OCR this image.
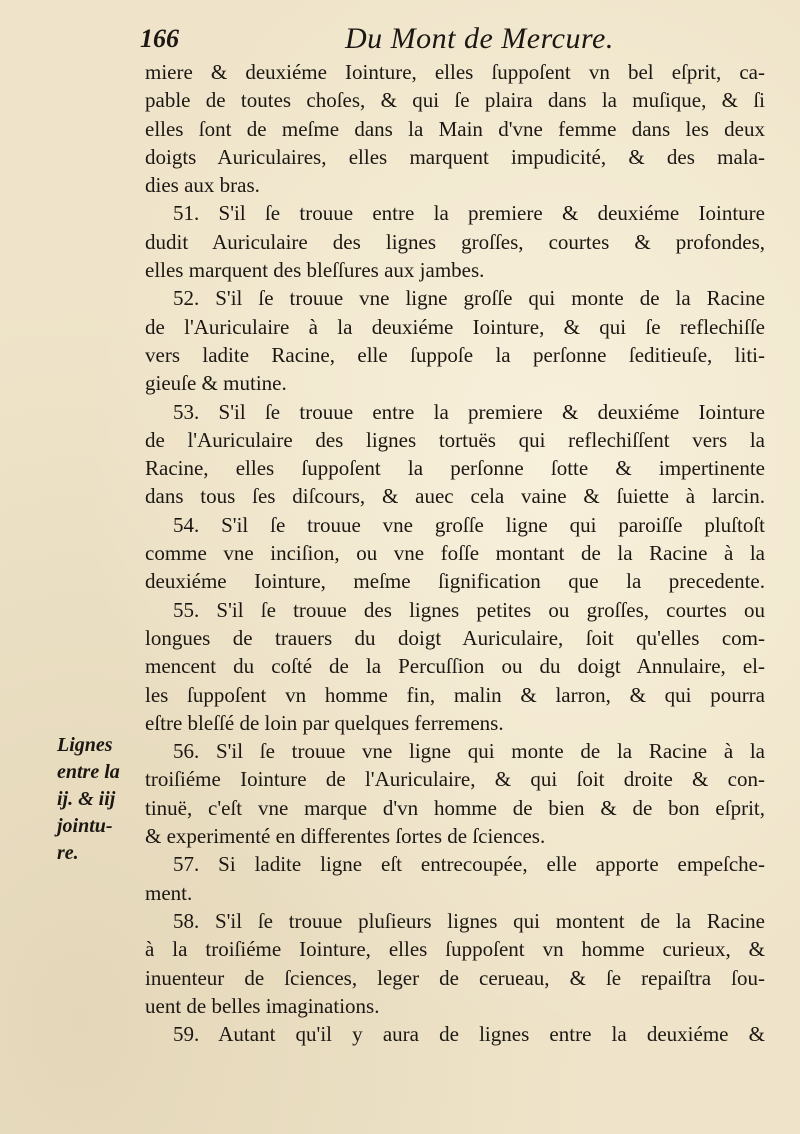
166	Du Mont de Mercure.
Lignes
entre la
ij. & iij
jointu-
re.
miere & deuxiéme Iointure, elles ſuppoſent vn bel eſprit, ca-
pable de toutes choſes, & qui ſe plaira dans la muſique, & ſi
elles ſont de meſme dans la Main d'vne femme dans les deux
doigts Auriculaires, elles marquent impudicité, & des mala-
dies aux bras.
51. S'il ſe trouue entre la premiere & deuxiéme Iointure
dudit Auriculaire des lignes groſſes, courtes & profondes,
elles marquent des bleſſures aux jambes.
52. S'il ſe trouue vne ligne groſſe qui monte de la Racine
de l'Auriculaire à la deuxiéme Iointure, & qui ſe reflechiſſe
vers ladite Racine, elle ſuppoſe la perſonne ſeditieuſe, liti-
gieuſe & mutine.
53. S'il ſe trouue entre la premiere & deuxiéme Iointure
de l'Auriculaire des lignes tortuës qui reflechiſſent vers la
Racine, elles ſuppoſent la perſonne ſotte & impertinente
dans tous ſes diſcours, & auec cela vaine & ſuiette à larcin.
54. S'il ſe trouue vne groſſe ligne qui paroiſſe pluſtoſt
comme vne inciſion, ou vne foſſe montant de la Racine à la
deuxiéme Iointure, meſme ſignification que la precedente.
55. S'il ſe trouue des lignes petites ou groſſes, courtes ou
longues de trauers du doigt Auriculaire, ſoit qu'elles com-
mencent du coſté de la Percuſſion ou du doigt Annulaire, el-
les ſuppoſent vn homme fin, malin & larron, & qui pourra
eſtre bleſſé de loin par quelques ferremens.
56. S'il ſe trouue vne ligne qui monte de la Racine à la
troiſiéme Iointure de l'Auriculaire, & qui ſoit droite & con-
tinuë, c'eſt vne marque d'vn homme de bien & de bon eſprit,
& experimenté en differentes ſortes de ſciences.
57. Si ladite ligne eſt entrecoupée, elle apporte empeſche-
ment.
58. S'il ſe trouue pluſieurs lignes qui montent de la Racine
à la troiſiéme Iointure, elles ſuppoſent vn homme curieux, &
inuenteur de ſciences, leger de cerueau, & ſe repaiſtra ſou-
uent de belles imaginations.
59. Autant qu'il y aura de lignes entre la deuxiéme &
